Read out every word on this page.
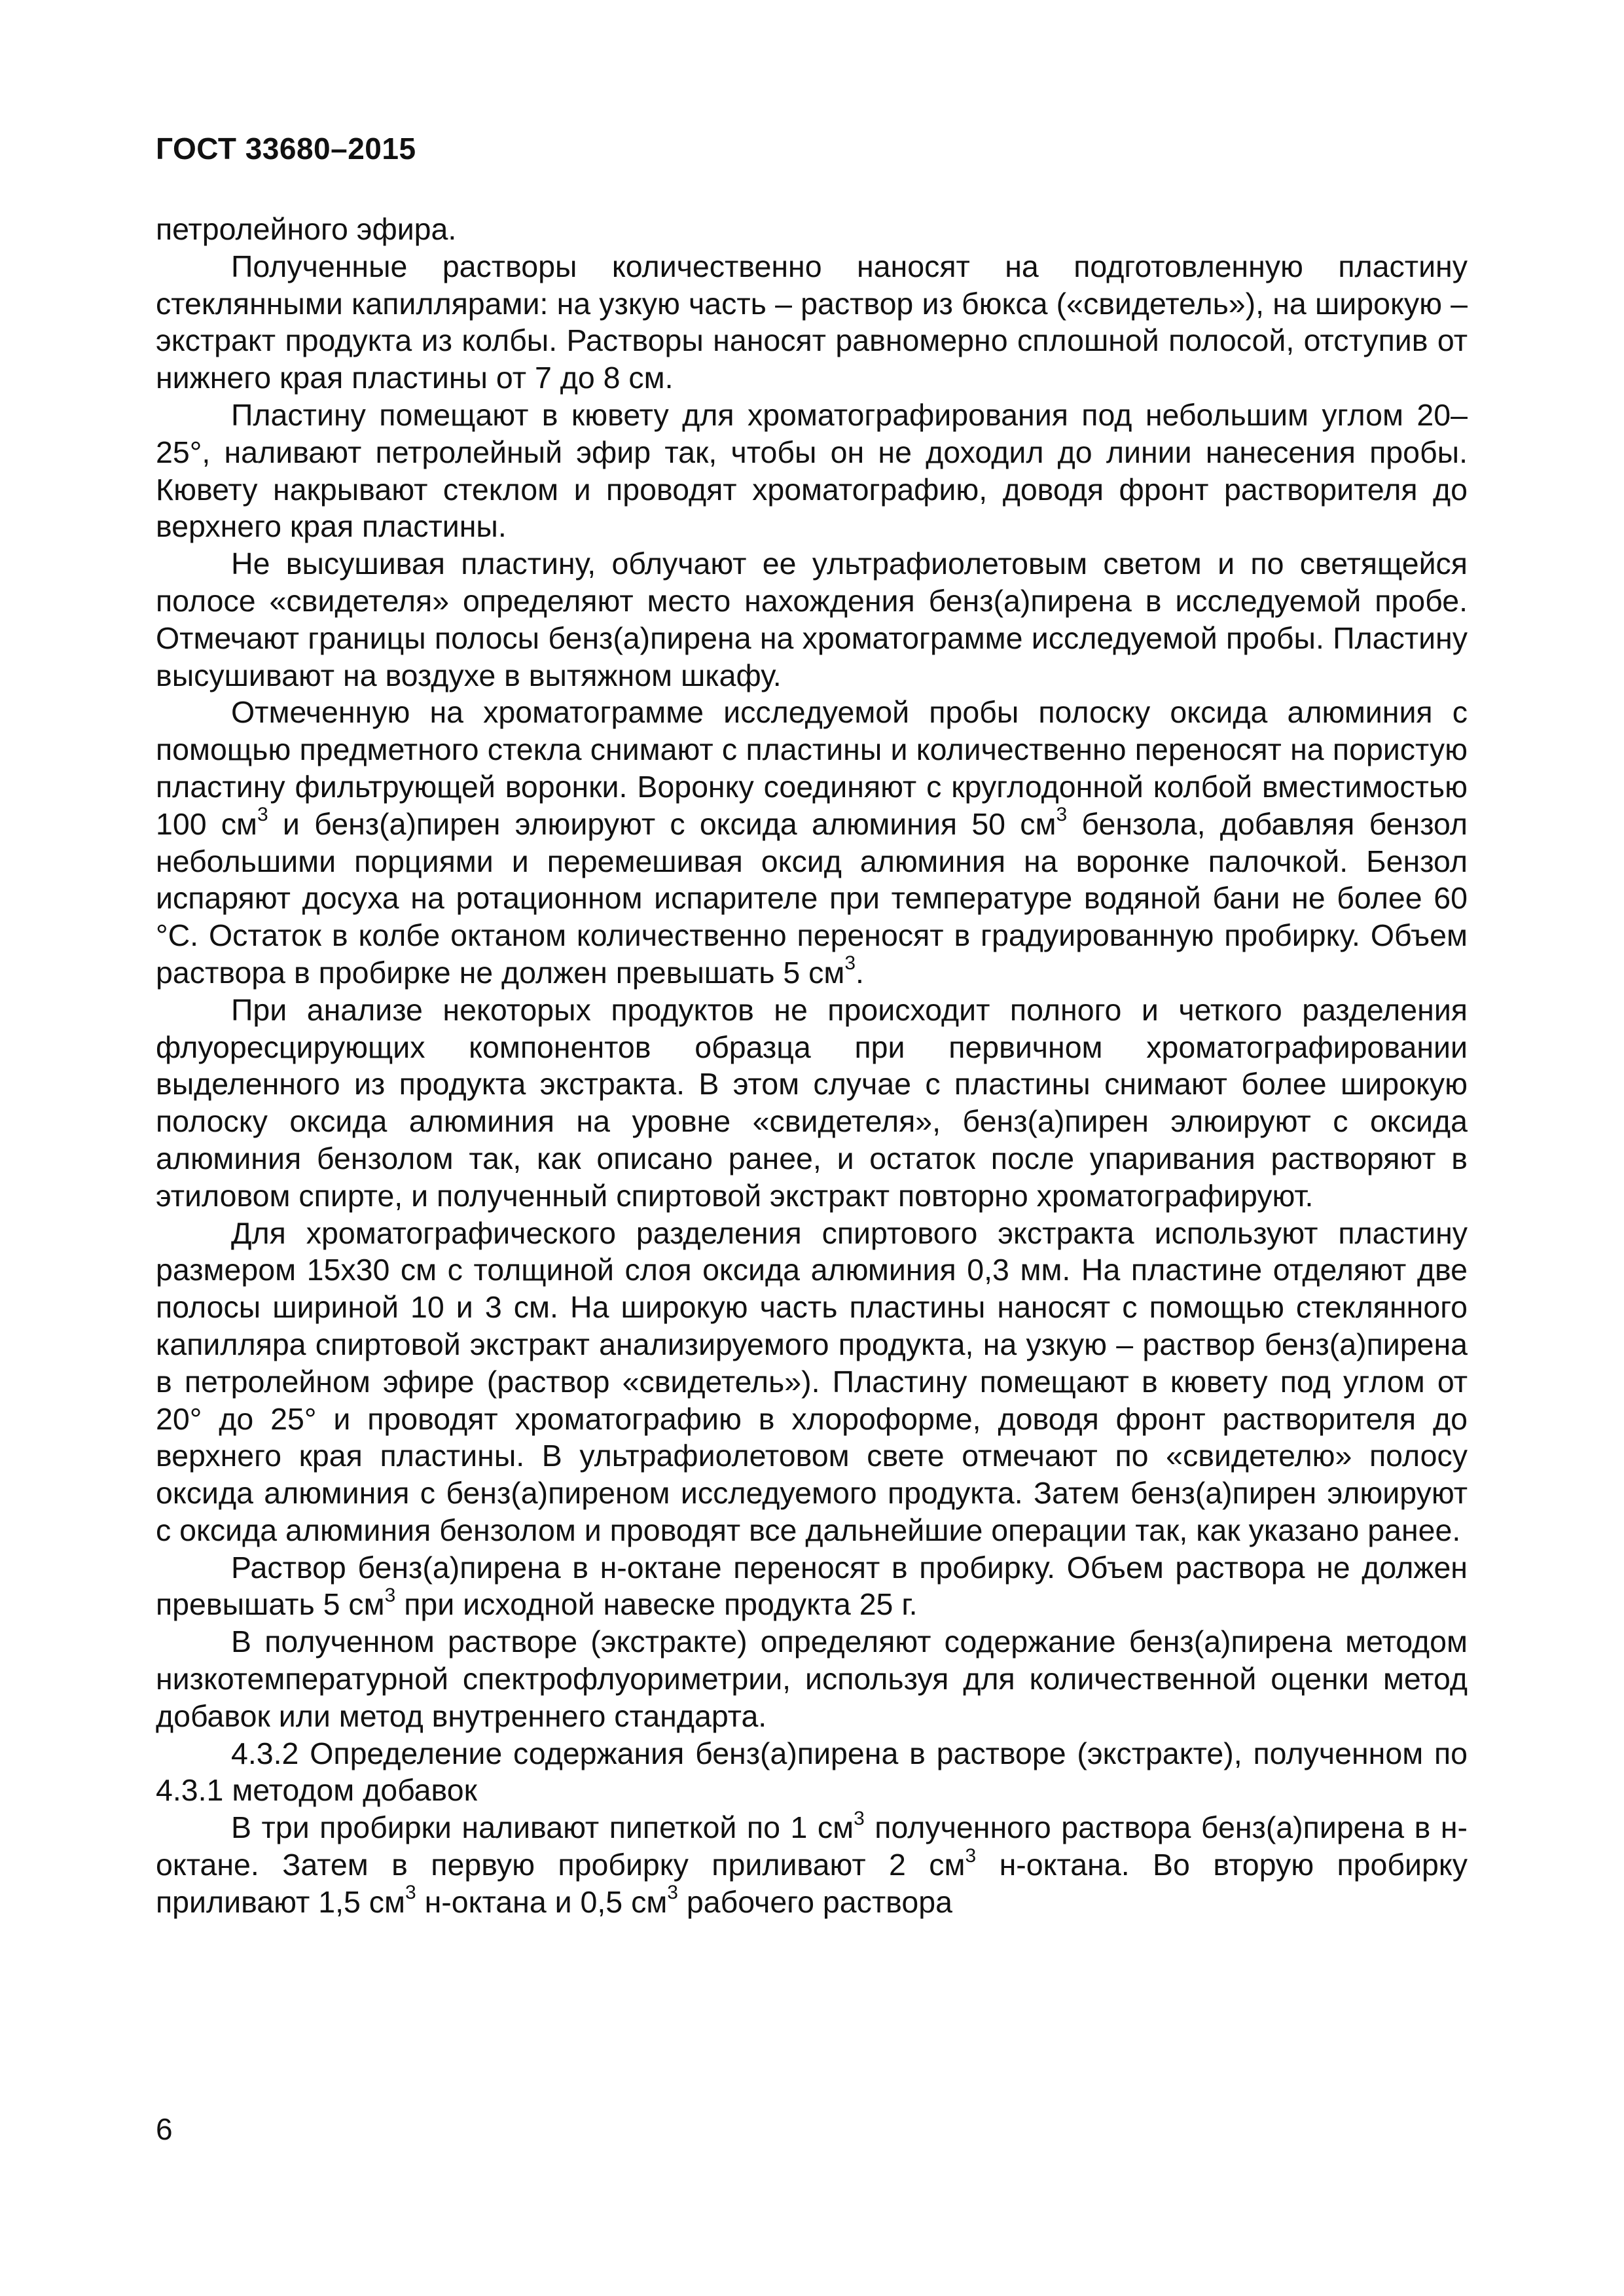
ГОСТ 33680–2015

петролейного эфира.

Полученные растворы количественно наносят на подготовленную пластину стеклянными капиллярами: на узкую часть – раствор из бюкса («свидетель»), на широкую – экстракт продукта из колбы. Растворы наносят равномерно сплошной полосой, отступив от нижнего края пластины от 7 до 8 см.

Пластину помещают в кювету для хроматографирования под небольшим углом 20–25°, наливают петролейный эфир так, чтобы он не доходил до линии нанесения пробы. Кювету накрывают стеклом и проводят хроматографию, доводя фронт растворителя до верхнего края пластины.

Не высушивая пластину, облучают ее ультрафиолетовым светом и по светящейся полосе «свидетеля» определяют место нахождения бенз(а)пирена в исследуемой пробе. Отмечают границы полосы бенз(а)пирена на хроматограмме исследуемой пробы. Пластину высушивают на воздухе в вытяжном шкафу.

Отмеченную на хроматограмме исследуемой пробы полоску оксида алюминия с помощью предметного стекла снимают с пластины и количественно переносят на пористую пластину фильтрующей воронки. Воронку соединяют с круглодонной колбой вместимостью 100 $см^3$ и бенз(а)пирен элюируют с оксида алюминия 50 $см^3$ бензола, добавляя бензол небольшими порциями и перемешивая оксид алюминия на воронке палочкой. Бензол испаряют досуха на ротационном испарителе при температуре водяной бани не более 60 °С. Остаток в колбе октаном количественно переносят в градуированную пробирку. Объем раствора в пробирке не должен превышать 5 $см^3$.

При анализе некоторых продуктов не происходит полного и четкого разделения флуоресцирующих компонентов образца при первичном хроматографировании выделенного из продукта экстракта. В этом случае с пластины снимают более широкую полоску оксида алюминия на уровне «свидетеля», бенз(а)пирен элюируют с оксида алюминия бензолом так, как описано ранее, и остаток после упаривания растворяют в этиловом спирте, и полученный спиртовой экстракт повторно хроматографируют.

Для хроматографического разделения спиртового экстракта используют пластину размером 15х30 см с толщиной слоя оксида алюминия 0,3 мм. На пластине отделяют две полосы шириной 10 и 3 см. На широкую часть пластины наносят с помощью стеклянного капилляра спиртовой экстракт анализируемого продукта, на узкую – раствор бенз(а)пирена в петролейном эфире (раствор «свидетель»). Пластину помещают в кювету под углом от 20° до 25° и проводят хроматографию в хлороформе, доводя фронт растворителя до верхнего края пластины. В ультрафиолетовом свете отмечают по «свидетелю» полосу оксида алюминия с бенз(а)пиреном исследуемого продукта. Затем бенз(а)пирен элюируют с оксида алюминия бензолом и проводят все дальнейшие операции так, как указано ранее.

Раствор бенз(а)пирена в н-октане переносят в пробирку. Объем раствора не должен превышать 5 $см^3$ при исходной навеске продукта 25 г.

В полученном растворе (экстракте) определяют содержание бенз(а)пирена методом низкотемпературной спектрофлуориметрии, используя для количественной оценки метод добавок или метод внутреннего стандарта.

4.3.2 Определение содержания бенз(а)пирена в растворе (экстракте), полученном по 4.3.1 методом добавок

В три пробирки наливают пипеткой по 1 $см^3$ полученного раствора бенз(а)пирена в н-октане. Затем в первую пробирку приливают 2 $см^3$ н-октана. Во вторую пробирку приливают 1,5 $см^3$ н-октана и 0,5 $см^3$ рабочего раствора

6
